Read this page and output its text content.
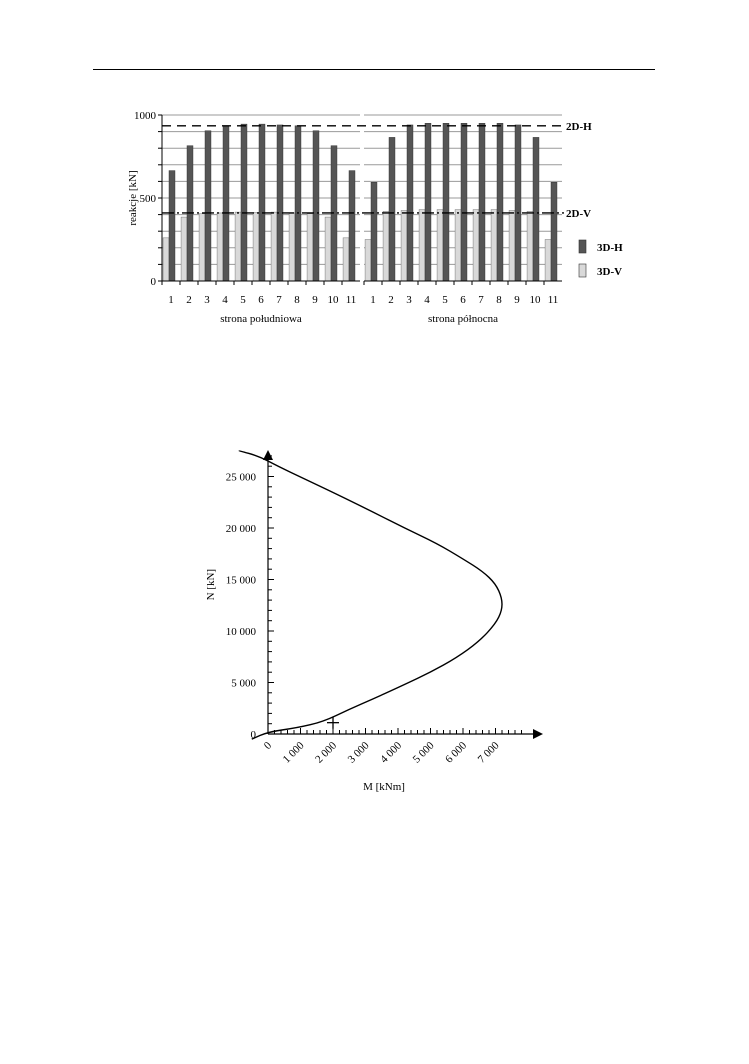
1 2 3 4 5 6 7 8 9 10 11
strona południowa
1 2 3 4 5 6 7 8 9 10 11
strona północna
0
500
1000
reakcje [kN]
2D-H
2D-V
3D-H
3D-V
0
5 000
10 000
15 000
20 000
25 000
0 1 000 2 000 3 000 4 000 5 000 6 000 7 000
N [kN]
M [kNm]
